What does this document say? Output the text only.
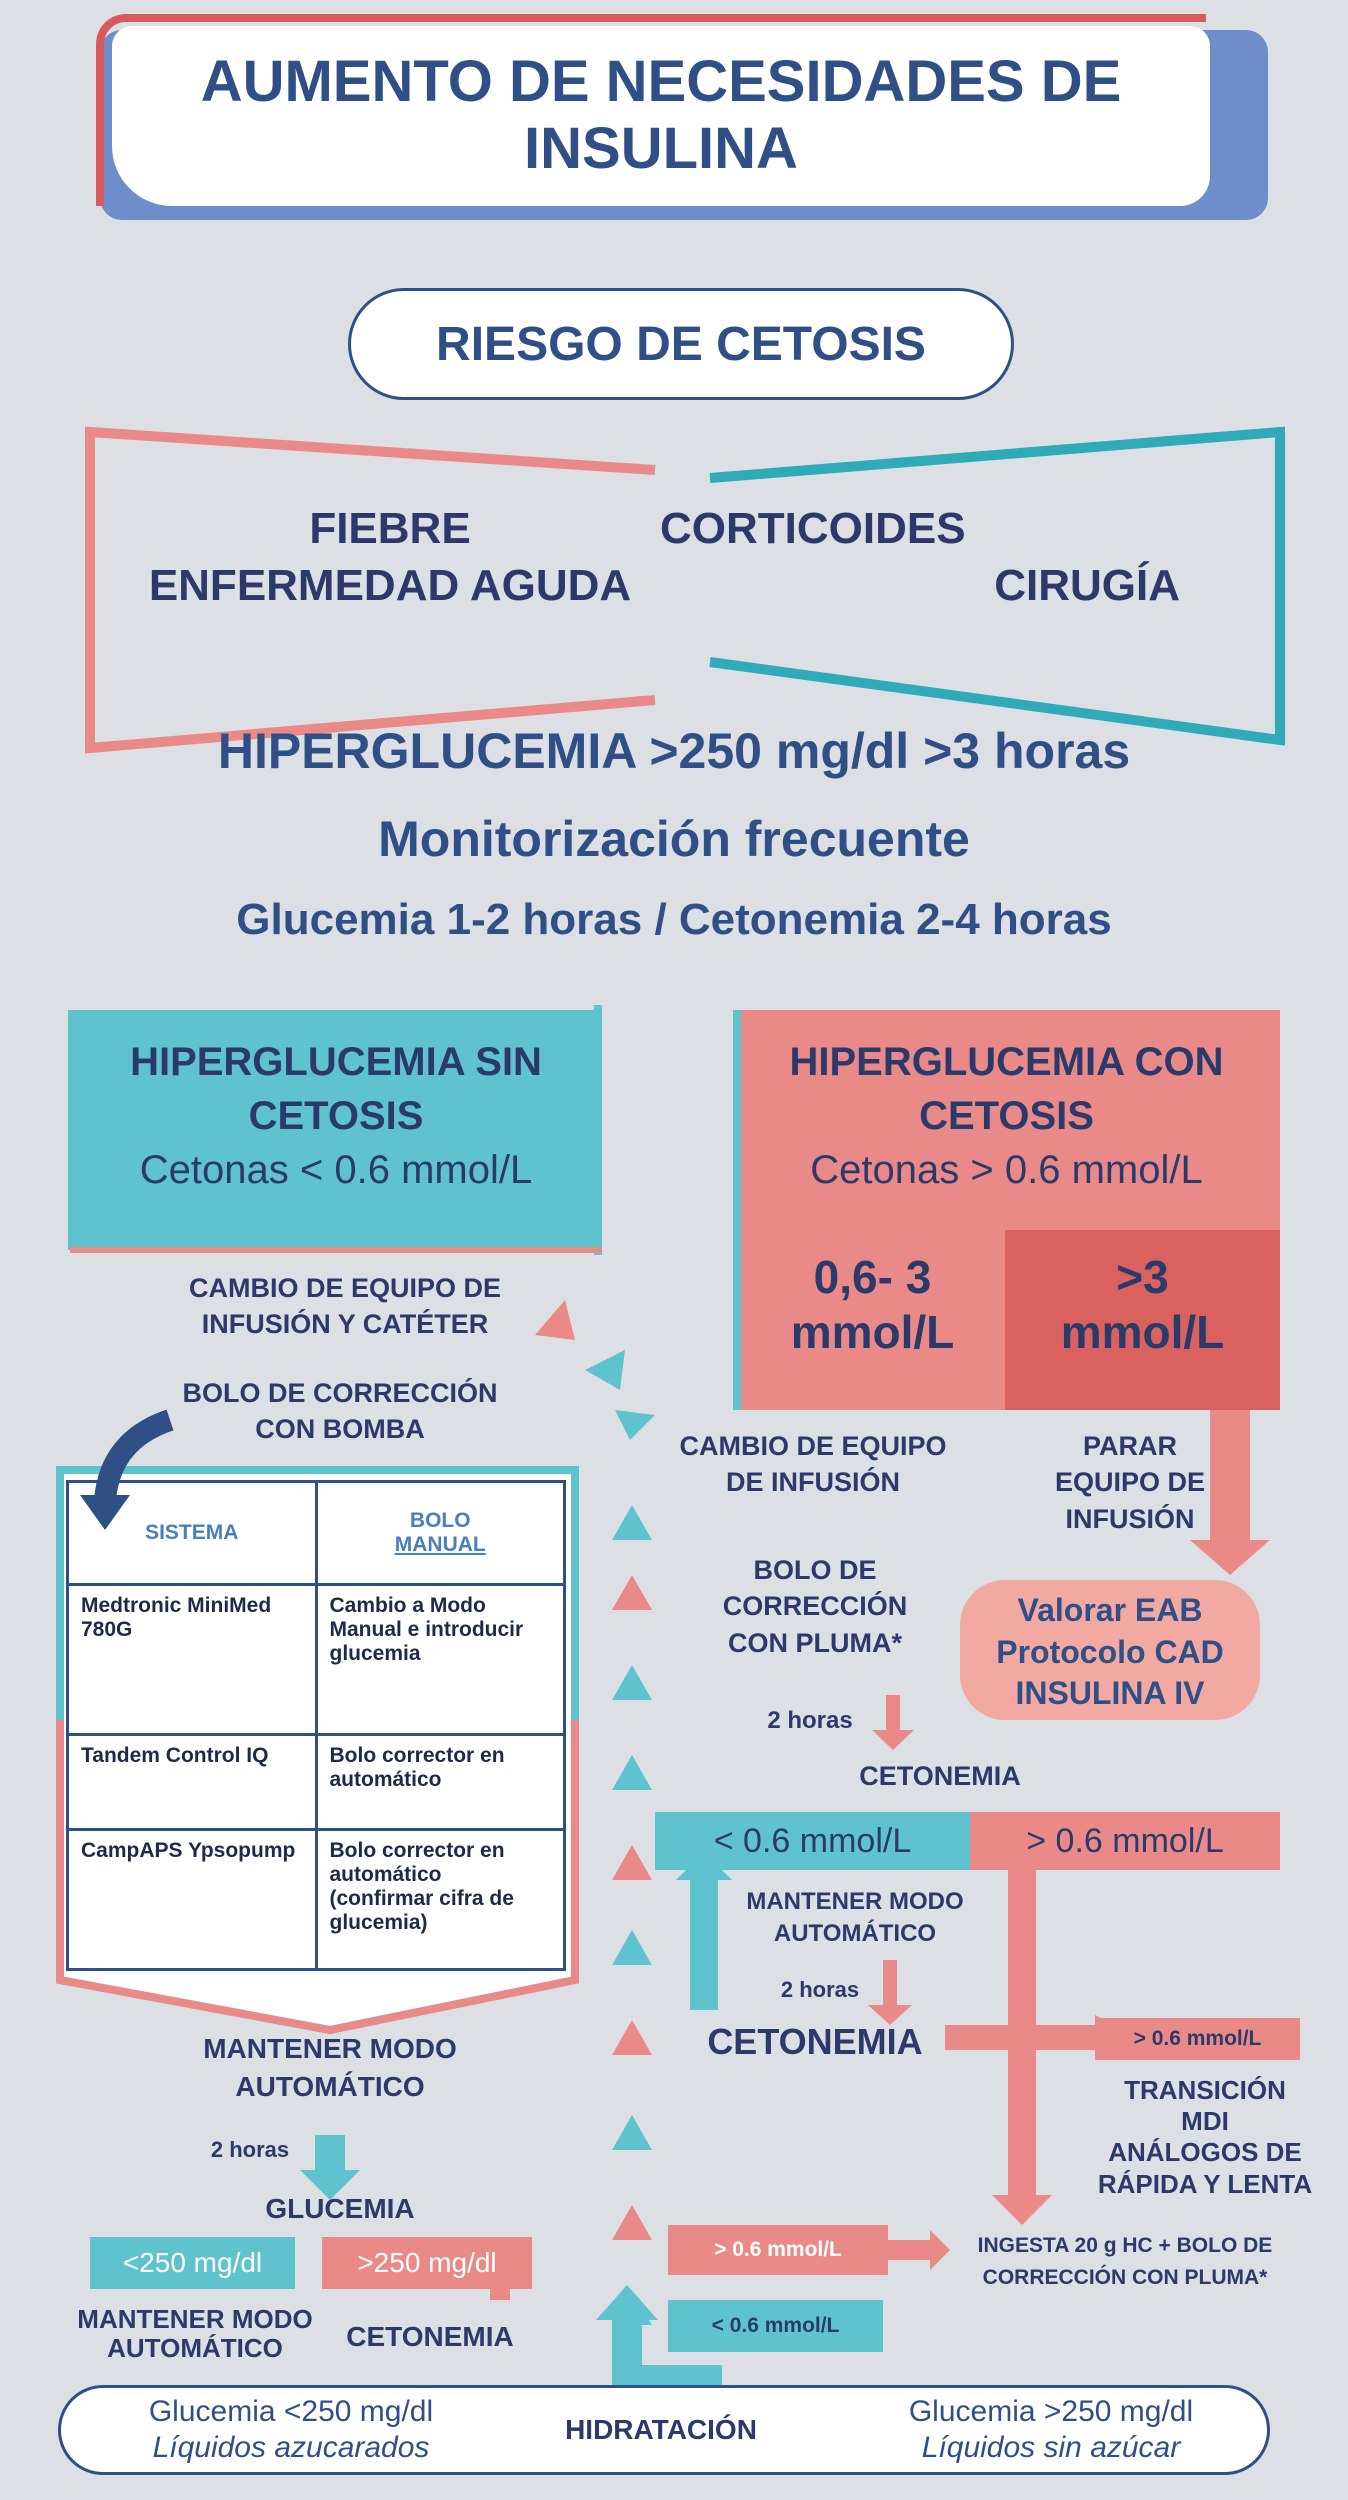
AUMENTO DE NECESIDADES DE INSULINA
RIESGO DE CETOSIS
FIEBRE
ENFERMEDAD AGUDA
CORTICOIDES
CIRUGÍA
HIPERGLUCEMIA >250 mg/dl >3 horas
Monitorización frecuente
Glucemia 1-2 horas / Cetonemia 2-4 horas
HIPERGLUCEMIA SIN
CETOSIS
Cetonas < 0.6 mmol/L
HIPERGLUCEMIA CON
CETOSIS
Cetonas > 0.6 mmol/L
0,6- 3
mmol/L
>3
mmol/L
CAMBIO DE EQUIPO DE
INFUSIÓN Y CATÉTER
BOLO DE CORRECCIÓN
CON BOMBA
SISTEMA	BOLO
MANUAL

Medtronic MiniMed 780G	Cambio a Modo Manual e introducir glucemia
Tandem Control IQ	Bolo corrector en automático
CampAPS Ypsopump	Bolo corrector en automático (confirmar cifra de glucemia)
MANTENER MODO
AUTOMÁTICO
2 horas
GLUCEMIA
<250 mg/dl	>250 mg/dl
MANTENER MODO
AUTOMÁTICO	CETONEMIA
CAMBIO DE EQUIPO
DE INFUSIÓN
PARAR
EQUIPO DE
INFUSIÓN
Valorar EAB
Protocolo CAD
INSULINA IV
BOLO DE
CORRECCIÓN
CON PLUMA*
2 horas
CETONEMIA
< 0.6 mmol/L	> 0.6 mmol/L
MANTENER MODO
AUTOMÁTICO
2 horas
CETONEMIA	> 0.6 mmol/L
TRANSICIÓN
MDI
ANÁLOGOS DE
RÁPIDA Y LENTA
> 0.6 mmol/L
< 0.6 mmol/L
INGESTA 20 g HC + BOLO DE
CORRECCIÓN CON PLUMA*
Glucemia <250 mg/dl
Líquidos azucarados
HIDRATACIÓN
Glucemia >250 mg/dl
Líquidos sin azúcar
